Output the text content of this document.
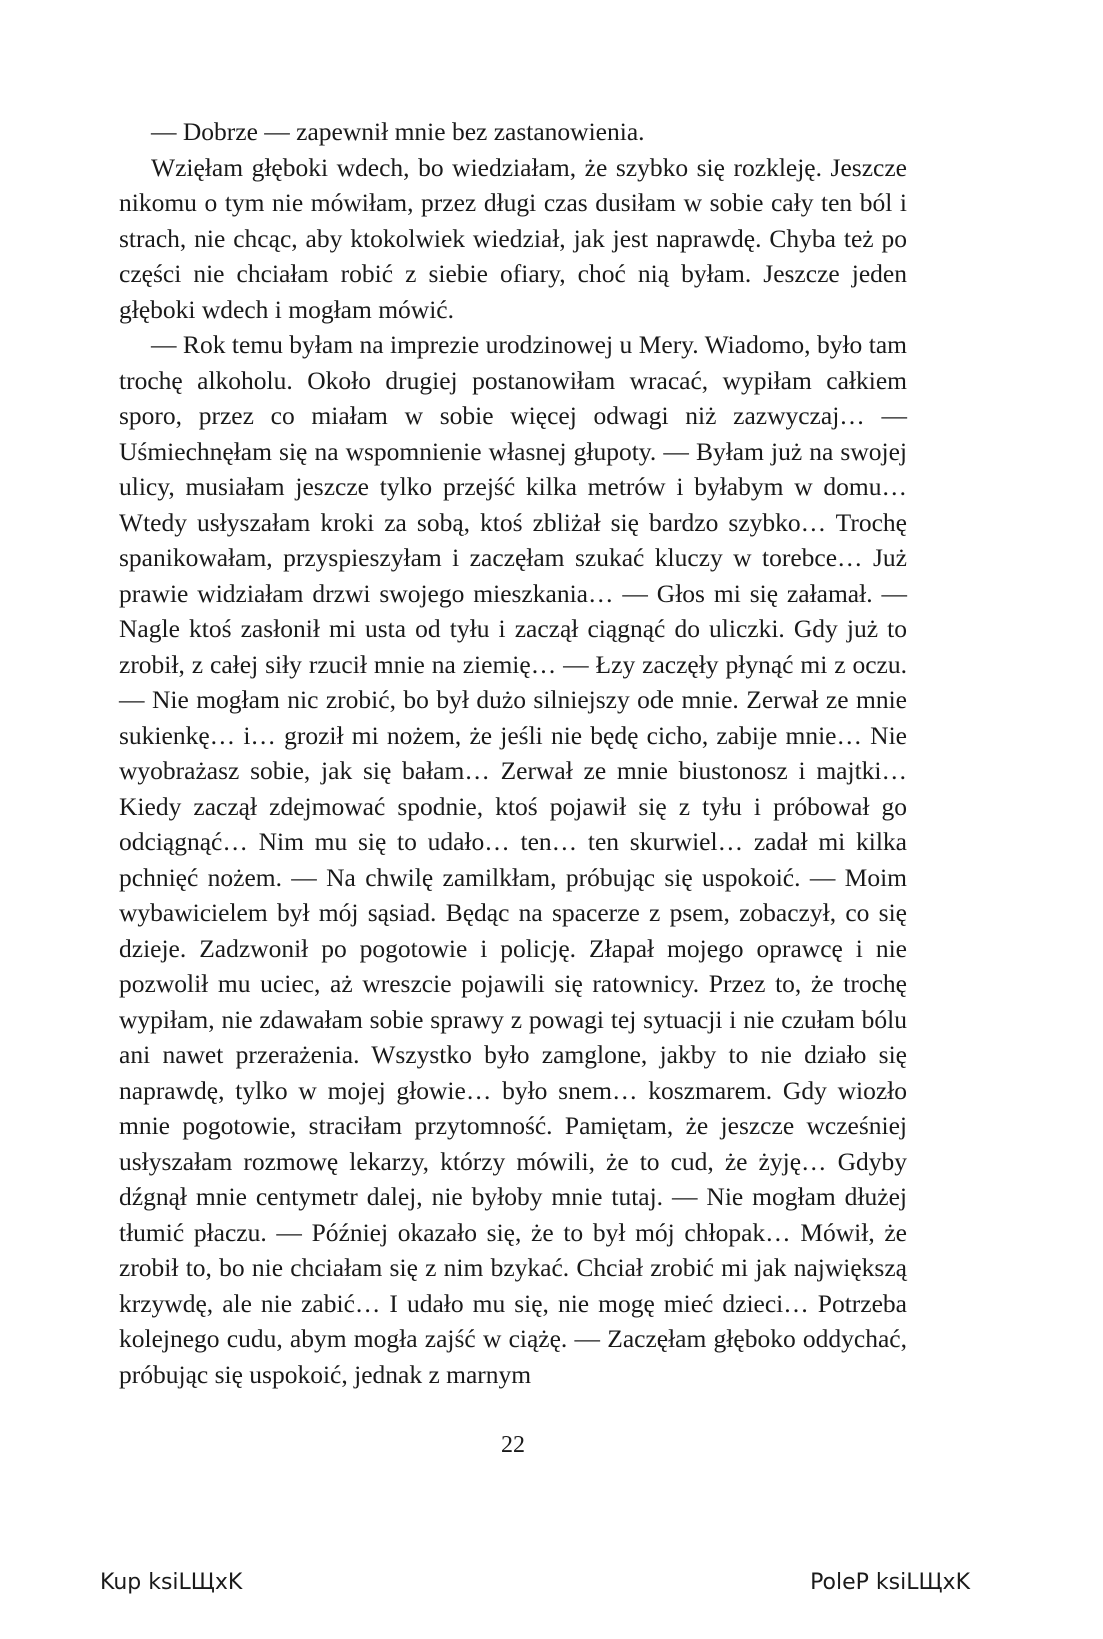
— Dobrze — zapewnił mnie bez zastanowienia.

Wzięłam głęboki wdech, bo wiedziałam, że szybko się rozkleję. Jeszcze nikomu o tym nie mówiłam, przez długi czas dusiłam w sobie cały ten ból i strach, nie chcąc, aby ktokolwiek wiedział, jak jest naprawdę. Chyba też po części nie chciałam robić z siebie ofiary, choć nią byłam. Jeszcze jeden głęboki wdech i mogłam mówić.

— Rok temu byłam na imprezie urodzinowej u Mery. Wiadomo, było tam trochę alkoholu. Około drugiej postanowiłam wracać, wypiłam całkiem sporo, przez co miałam w sobie więcej odwagi niż zazwyczaj… — Uśmiechnęłam się na wspomnienie własnej głupoty. — Byłam już na swojej ulicy, musiałam jeszcze tylko przejść kilka metrów i byłabym w domu… Wtedy usłyszałam kroki za sobą, ktoś zbliżał się bardzo szybko… Trochę spanikowałam, przyspieszyłam i zaczęłam szukać kluczy w torebce… Już prawie widziałam drzwi swojego mieszkania… — Głos mi się załamał. — Nagle ktoś zasłonił mi usta od tyłu i zaczął ciągnąć do uliczki. Gdy już to zrobił, z całej siły rzucił mnie na ziemię… — Łzy zaczęły płynąć mi z oczu. — Nie mogłam nic zrobić, bo był dużo silniejszy ode mnie. Zerwał ze mnie sukienkę… i… groził mi nożem, że jeśli nie będę cicho, zabije mnie… Nie wyobrażasz sobie, jak się bałam… Zerwał ze mnie biustonosz i majtki… Kiedy zaczął zdejmować spodnie, ktoś pojawił się z tyłu i próbował go odciągnąć… Nim mu się to udało… ten… ten skurwiel… zadał mi kilka pchnięć nożem. — Na chwilę zamilkłam, próbując się uspokoić. — Moim wybawicielem był mój sąsiad. Będąc na spacerze z psem, zobaczył, co się dzieje. Zadzwonił po pogotowie i policję. Złapał mojego oprawcę i nie pozwolił mu uciec, aż wreszcie pojawili się ratownicy. Przez to, że trochę wypiłam, nie zdawałam sobie sprawy z powagi tej sytuacji i nie czułam bólu ani nawet przerażenia. Wszystko było zamglone, jakby to nie działo się naprawdę, tylko w mojej głowie… było snem… koszmarem. Gdy wiozło mnie pogotowie, straciłam przytomność. Pamiętam, że jeszcze wcześniej usłyszałam rozmowę lekarzy, którzy mówili, że to cud, że żyję… Gdyby dźgnął mnie centymetr dalej, nie byłoby mnie tutaj. — Nie mogłam dłużej tłumić płaczu. — Później okazało się, że to był mój chłopak… Mówił, że zrobił to, bo nie chciałam się z nim bzykać. Chciał zrobić mi jak największą krzywdę, ale nie zabić… I udało mu się, nie mogę mieć dzieci… Potrzeba kolejnego cudu, abym mogła zajść w ciążę. — Zaczęłam głęboko oddychać, próbując się uspokoić, jednak z marnym

22
Kup ksiLЩxK	PoleP ksiLЩxK
